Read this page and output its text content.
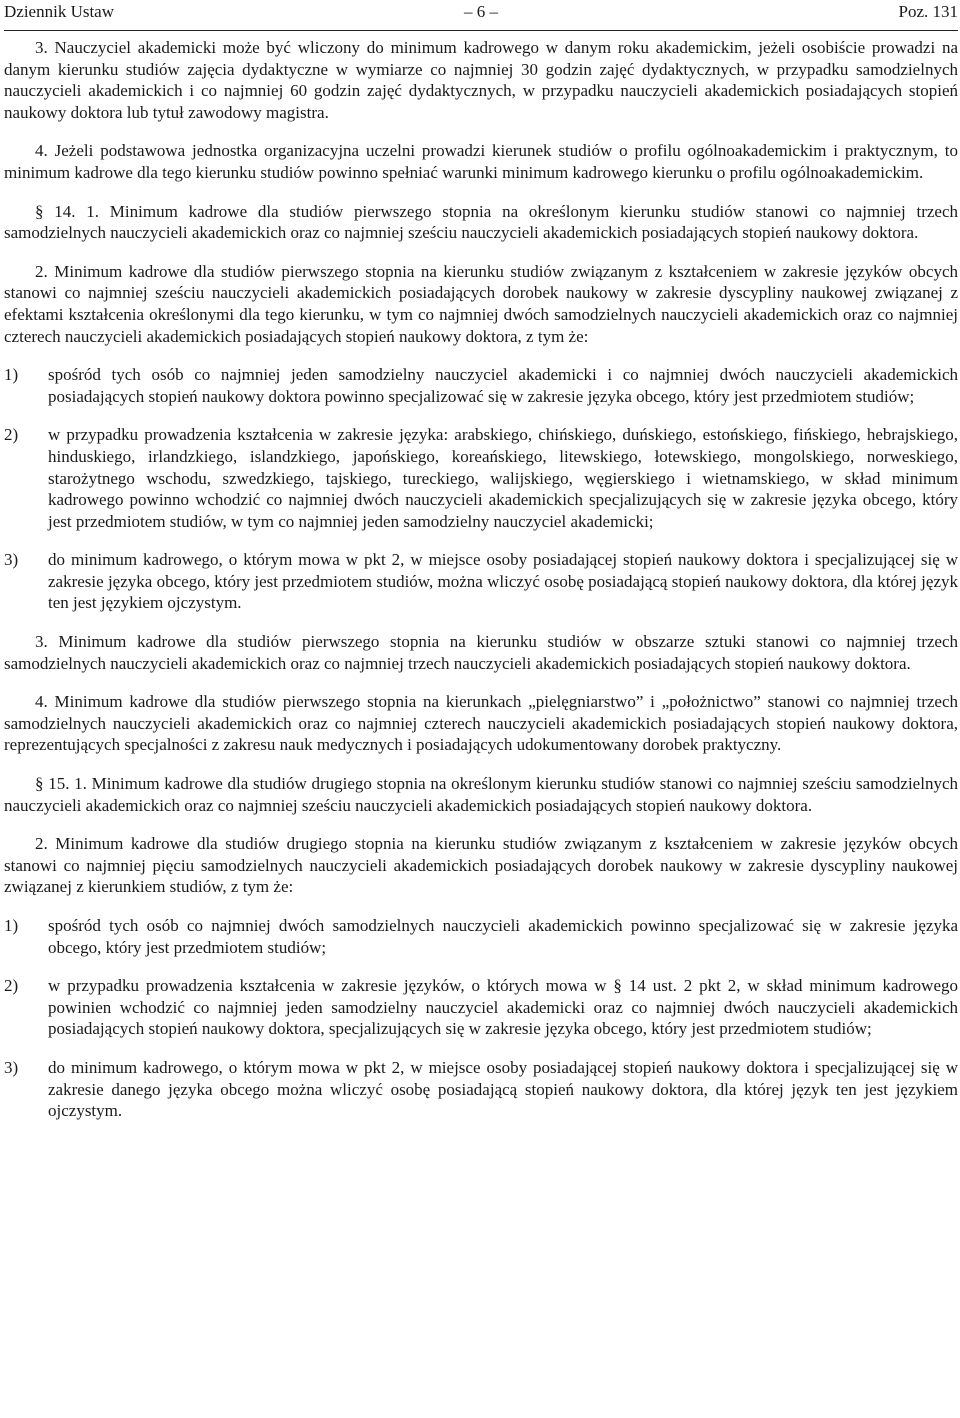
Dziennik Ustaw	– 6 –	Poz. 131

3. Nauczyciel akademicki może być wliczony do minimum kadrowego w danym roku akademickim, jeżeli osobiście prowadzi na danym kierunku studiów zajęcia dydaktyczne w wymiarze co najmniej 30 godzin zajęć dydaktycznych, w przypadku samodzielnych nauczycieli akademickich i co najmniej 60 godzin zajęć dydaktycznych, w przypadku nauczycieli akademickich posiadających stopień naukowy doktora lub tytuł zawodowy magistra.

4. Jeżeli podstawowa jednostka organizacyjna uczelni prowadzi kierunek studiów o profilu ogólnoakademickim i praktycznym, to minimum kadrowe dla tego kierunku studiów powinno spełniać warunki minimum kadrowego kierunku o profilu ogólnoakademickim.

§ 14. 1. Minimum kadrowe dla studiów pierwszego stopnia na określonym kierunku studiów stanowi co najmniej trzech samodzielnych nauczycieli akademickich oraz co najmniej sześciu nauczycieli akademickich posiadających stopień naukowy doktora.

2. Minimum kadrowe dla studiów pierwszego stopnia na kierunku studiów związanym z kształceniem w zakresie języków obcych stanowi co najmniej sześciu nauczycieli akademickich posiadających dorobek naukowy w zakresie dyscypliny naukowej związanej z efektami kształcenia określonymi dla tego kierunku, w tym co najmniej dwóch samodzielnych nauczycieli akademickich oraz co najmniej czterech nauczycieli akademickich posiadających stopień naukowy doktora, z tym że:

1) spośród tych osób co najmniej jeden samodzielny nauczyciel akademicki i co najmniej dwóch nauczycieli akademickich posiadających stopień naukowy doktora powinno specjalizować się w zakresie języka obcego, który jest przedmiotem studiów;
2) w przypadku prowadzenia kształcenia w zakresie języka: arabskiego, chińskiego, duńskiego, estońskiego, fińskiego, hebrajskiego, hinduskiego, irlandzkiego, islandzkiego, japońskiego, koreańskiego, litewskiego, łotewskiego, mongolskiego, norweskiego, starożytnego wschodu, szwedzkiego, tajskiego, tureckiego, walijskiego, węgierskiego i wietnamskiego, w skład minimum kadrowego powinno wchodzić co najmniej dwóch nauczycieli akademickich specjalizujących się w zakresie języka obcego, który jest przedmiotem studiów, w tym co najmniej jeden samodzielny nauczyciel akademicki;
3) do minimum kadrowego, o którym mowa w pkt 2, w miejsce osoby posiadającej stopień naukowy doktora i specjalizującej się w zakresie języka obcego, który jest przedmiotem studiów, można wliczyć osobę posiadającą stopień naukowy doktora, dla której język ten jest językiem ojczystym.

3. Minimum kadrowe dla studiów pierwszego stopnia na kierunku studiów w obszarze sztuki stanowi co najmniej trzech samodzielnych nauczycieli akademickich oraz co najmniej trzech nauczycieli akademickich posiadających stopień naukowy doktora.

4. Minimum kadrowe dla studiów pierwszego stopnia na kierunkach „pielęgniarstwo” i „położnictwo” stanowi co najmniej trzech samodzielnych nauczycieli akademickich oraz co najmniej czterech nauczycieli akademickich posiadających stopień naukowy doktora, reprezentujących specjalności z zakresu nauk medycznych i posiadających udokumentowany dorobek praktyczny.

§ 15. 1. Minimum kadrowe dla studiów drugiego stopnia na określonym kierunku studiów stanowi co najmniej sześciu samodzielnych nauczycieli akademickich oraz co najmniej sześciu nauczycieli akademickich posiadających stopień naukowy doktora.

2. Minimum kadrowe dla studiów drugiego stopnia na kierunku studiów związanym z kształceniem w zakresie języków obcych stanowi co najmniej pięciu samodzielnych nauczycieli akademickich posiadających dorobek naukowy w zakresie dyscypliny naukowej związanej z kierunkiem studiów, z tym że:

1) spośród tych osób co najmniej dwóch samodzielnych nauczycieli akademickich powinno specjalizować się w zakresie języka obcego, który jest przedmiotem studiów;
2) w przypadku prowadzenia kształcenia w zakresie języków, o których mowa w § 14 ust. 2 pkt 2, w skład minimum kadrowego powinien wchodzić co najmniej jeden samodzielny nauczyciel akademicki oraz co najmniej dwóch nauczycieli akademickich posiadających stopień naukowy doktora, specjalizujących się w zakresie języka obcego, który jest przedmiotem studiów;
3) do minimum kadrowego, o którym mowa w pkt 2, w miejsce osoby posiadającej stopień naukowy doktora i specjalizującej się w zakresie danego języka obcego można wliczyć osobę posiadającą stopień naukowy doktora, dla której język ten jest językiem ojczystym.
